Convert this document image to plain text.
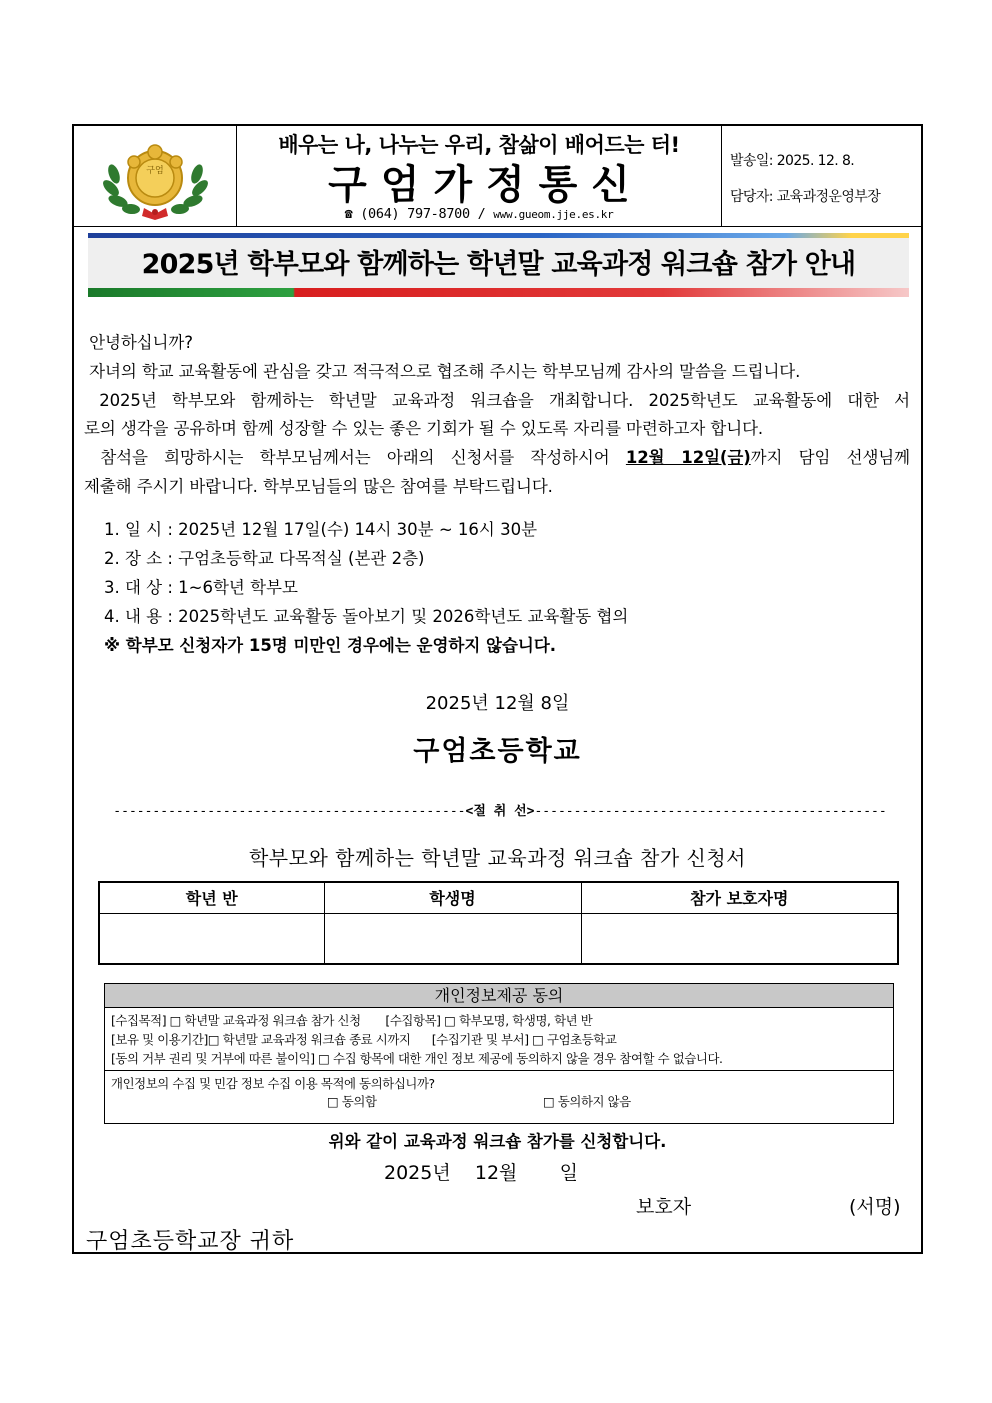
구엄
배우는 나, 나누는 우리, 참삶이 배어드는 터!
구엄가정통신
☎ (064) 797-8700 / www.gueom.jje.es.kr
발송일: 2025. 12. 8.
담당자: 교육과정운영부장
2025년 학부모와 함께하는 학년말 교육과정 워크숍 참가 안내
안녕하십니까?
자녀의 학교 교육활동에 관심을 갖고 적극적으로 협조해 주시는 학부모님께 감사의 말씀을 드립니다.
2025년 학부모와 함께하는 학년말 교육과정 워크숍을 개최합니다. 2025학년도 교육활동에 대한 서
로의 생각을 공유하며 함께 성장할 수 있는 좋은 기회가 될 수 있도록 자리를 마련하고자 합니다.
참석을 희망하시는 학부모님께서는 아래의 신청서를 작성하시어 12월 12일(금)까지 담임 선생님께
제출해 주시기 바랍니다. 학부모님들의 많은 참여를 부탁드립니다.
1. 일 시 : 2025년 12월 17일(수) 14시 30분 ~ 16시 30분
2. 장 소 : 구엄초등학교 다목적실 (본관 2층)
3. 대 상 : 1~6학년 학부모
4. 내 용 : 2025학년도 교육활동 돌아보기 및 2026학년도 교육활동 협의
※ 학부모 신청자가 15명 미만인 경우에는 운영하지 않습니다.
2025년 12월 8일
구엄초등학교
---------------------------------------------<절 취 선>---------------------------------------------
학부모와 함께하는 학년말 교육과정 워크숍 참가 신청서
학년 반	학생명	참가 보호자명

개인정보제공 동의
[수집목적] □ 학년말 교육과정 워크숍 참가 신청       [수집항목] □ 학부모명, 학생명, 학년 반
[보유 및 이용기간]□ 학년말 교육과정 워크숍 종료 시까지      [수집기관 및 부서] □ 구엄초등학교
[동의 거부 권리 및 거부에 따른 불이익] □ 수집 항목에 대한 개인 정보 제공에 동의하지 않을 경우 참여할 수 없습니다.
개인정보의 수집 및 민감 정보 수집 이용 목적에 동의하십니까?
□ 동의함	□ 동의하지 않음
위와 같이 교육과정 워크숍 참가를 신청합니다.
2025년    12월       일
보호자	(서명)
구엄초등학교장 귀하
